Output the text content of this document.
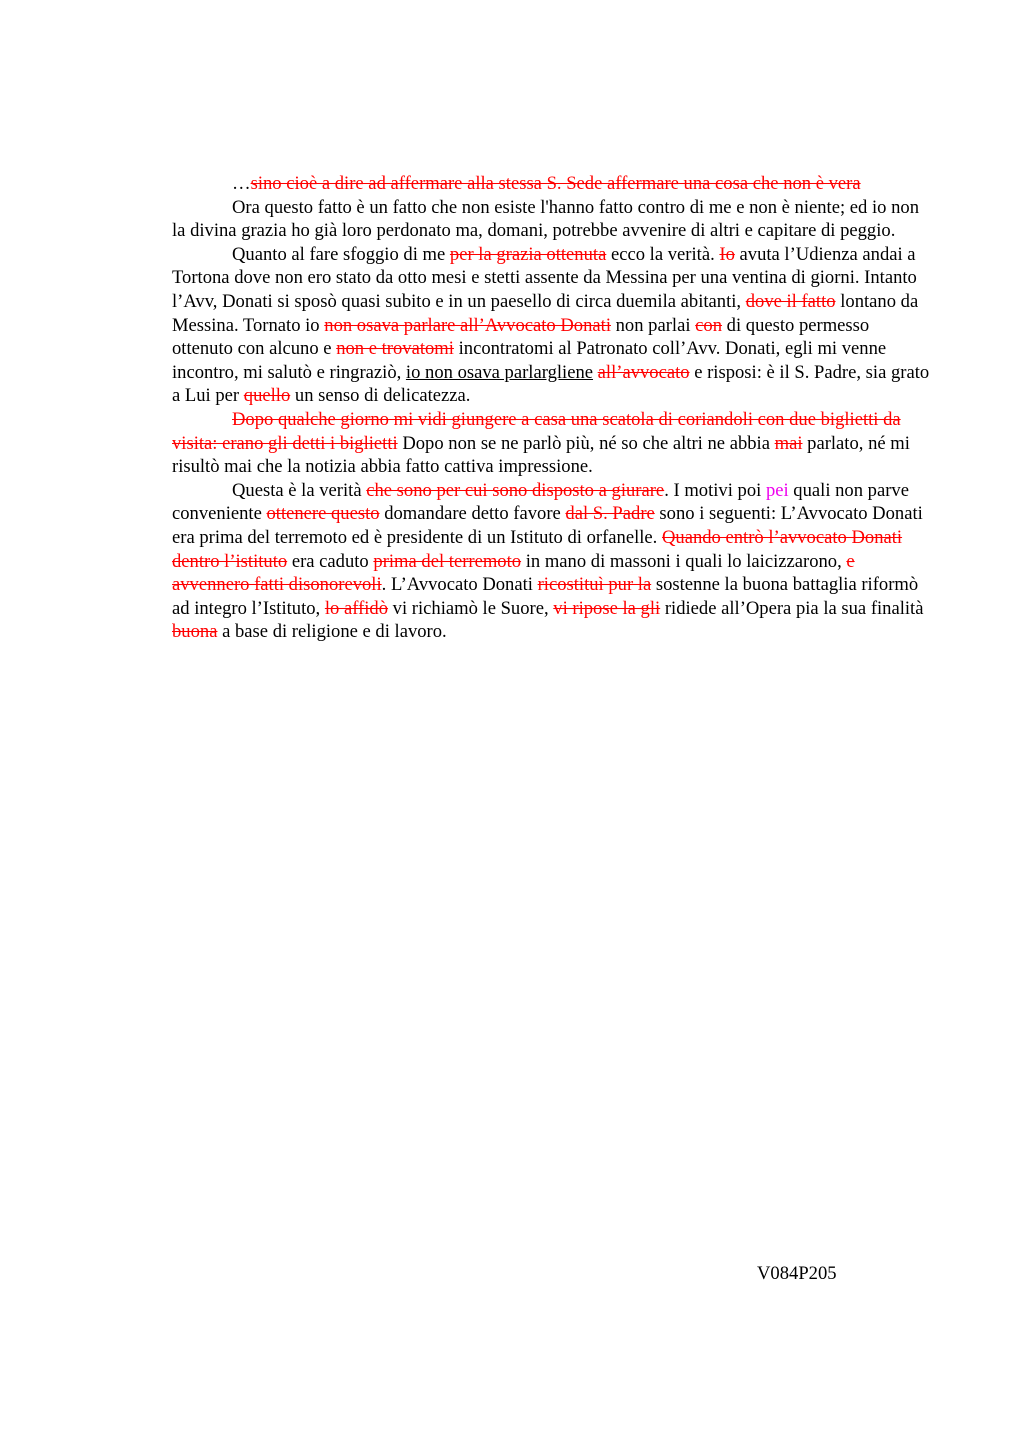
…sino cioè a dire ad affermare alla stessa S. Sede affermare una cosa che non è vera

Ora questo fatto è un fatto che non esiste l'hanno fatto contro di me e non è niente; ed io non la divina grazia ho già loro perdonato ma, domani, potrebbe avvenire di altri e capitare di peggio.

Quanto al fare sfoggio di me per la grazia ottenuta ecco la verità. Io avuta l’Udienza andai a Tortona dove non ero stato da otto mesi e stetti assente da Messina per una ventina di giorni. Intanto l’Avv, Donati si sposò quasi subito e in un paesello di circa duemila abitanti, dove il fatto lontano da Messina. Tornato io non osava parlare all’Avvocato Donati non parlai con di questo permesso ottenuto con alcuno e non e trovatomi incontratomi al Patronato coll’Avv. Donati, egli mi venne incontro, mi salutò e ringraziò, io non osava parlargliene all’avvocato e risposi: è il S. Padre, sia grato a Lui per quello un senso di delicatezza.

Dopo qualche giorno mi vidi giungere a casa una scatola di coriandoli con due biglietti da visita: erano gli detti i biglietti Dopo non se ne parlò più, né so che altri ne abbia mai parlato, né mi risultò mai che la notizia abbia fatto cattiva impressione.

Questa è la verità che sono per cui sono disposto a giurare. I motivi poi pei quali non parve conveniente ottenere questo domandare detto favore dal S. Padre sono i seguenti: L’Avvocato Donati era prima del terremoto ed è presidente di un Istituto di orfanelle. Quando entrò l’avvocato Donati dentro l’istituto era caduto prima del terremoto in mano di massoni i quali lo laicizzarono, e avvennero fatti disonorevoli. L’Avvocato Donati ricostituì pur la sostenne la buona battaglia riformò ad integro l’Istituto, lo affidò vi richiamò le Suore, vi ripose la gli ridiede all’Opera pia la sua finalità buona a base di religione e di lavoro.

V084P205
